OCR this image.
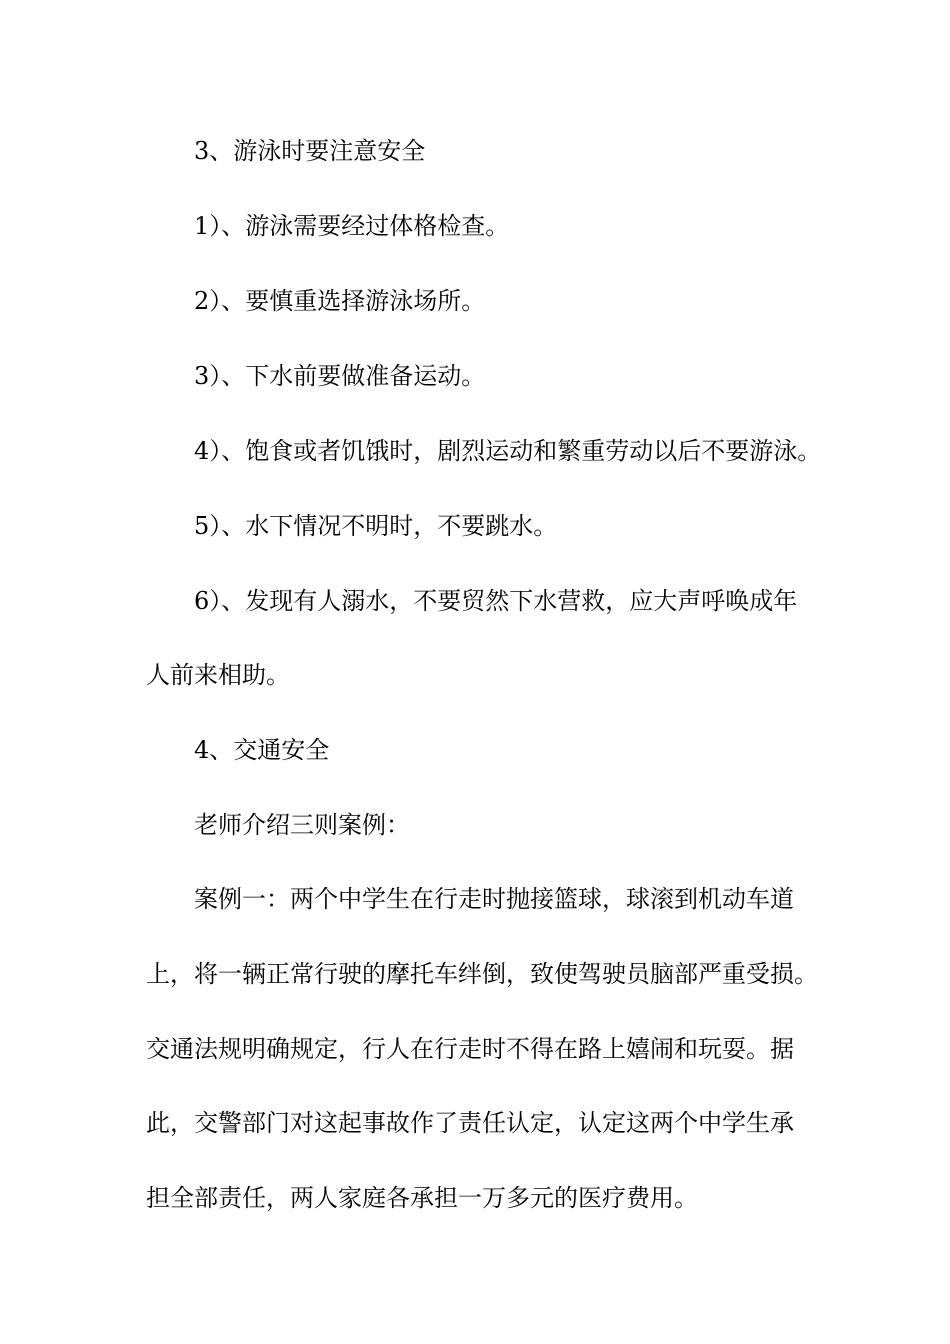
3、游泳时要注意安全
1）、游泳需要经过体格检查。
2）、要慎重选择游泳场所。
3）、下水前要做准备运动。
4）、饱食或者饥饿时，剧烈运动和繁重劳动以后不要游泳。
5）、水下情况不明时，不要跳水。
6）、发现有人溺水，不要贸然下水营救，应大声呼唤成年
人前来相助。
4、交通安全
老师介绍三则案例：
案例一：两个中学生在行走时抛接篮球，球滚到机动车道
上，将一辆正常行驶的摩托车绊倒，致使驾驶员脑部严重受损。
交通法规明确规定，行人在行走时不得在路上嬉闹和玩耍。据
此，交警部门对这起事故作了责任认定，认定这两个中学生承
担全部责任，两人家庭各承担一万多元的医疗费用。
